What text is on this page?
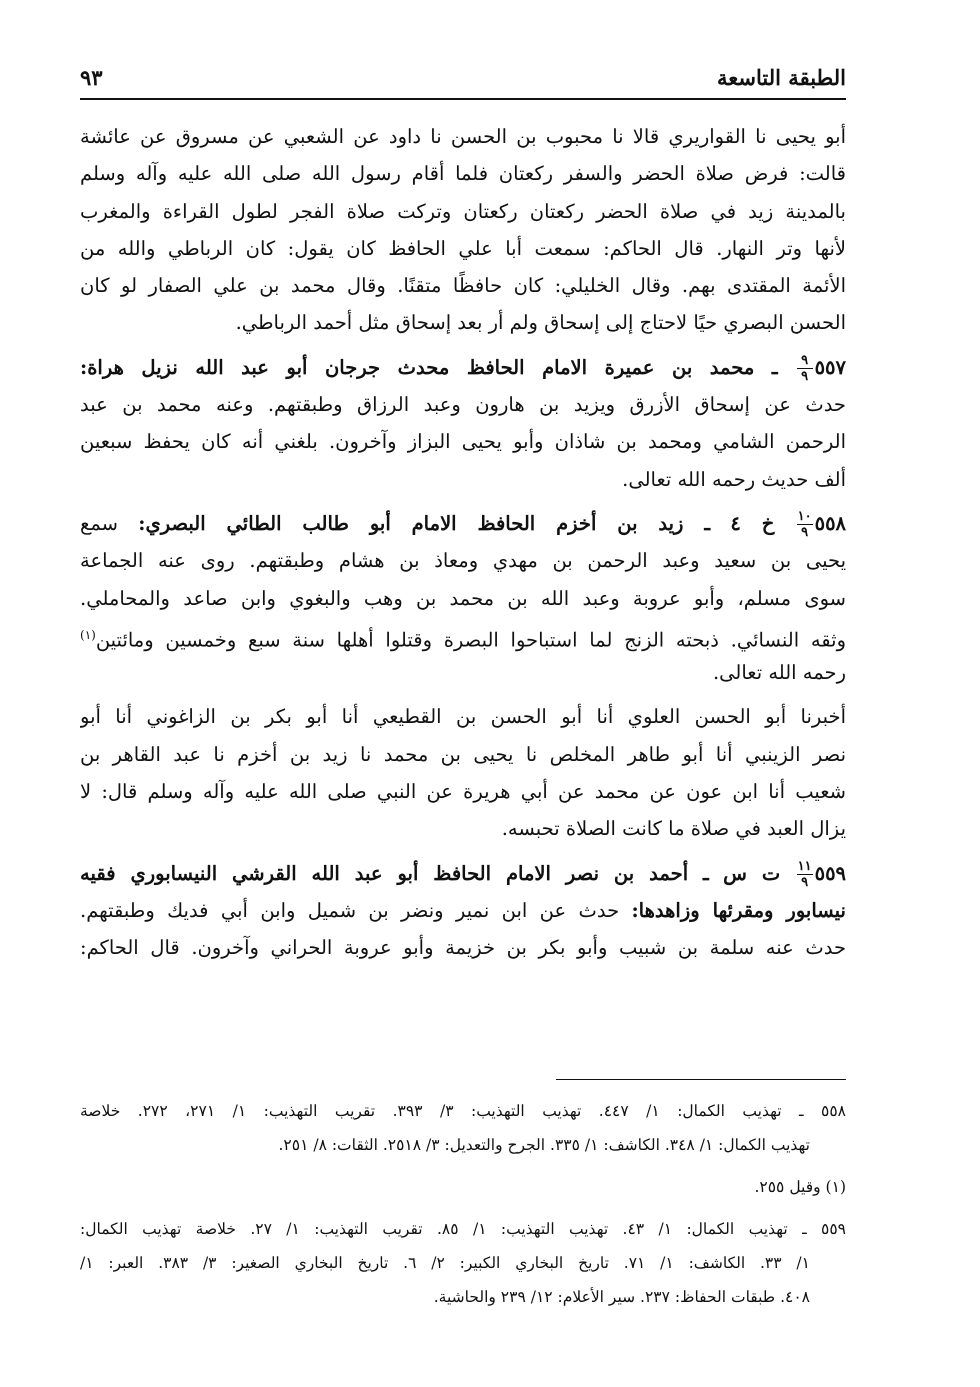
الطبقة التاسعة
٩٣
أبو يحيى نا القواريري قالا نا محبوب بن الحسن نا داود عن الشعبي عن مسروق عن عائشة
قالت: فرض صلاة الحضر والسفر ركعتان فلما أقام رسول الله صلى الله عليه وآله وسلم
بالمدينة زيد في صلاة الحضر ركعتان ركعتان وتركت صلاة الفجر لطول القراءة والمغرب
لأنها وتر النهار. قال الحاكم: سمعت أبا علي الحافظ كان يقول: كان الرباطي والله من
الأئمة المقتدى بهم. وقال الخليلي: كان حافظًا متقنًا. وقال محمد بن علي الصفار لو كان
الحسن البصري حيًا لاحتاج إلى إسحاق ولم أر بعد إسحاق مثل أحمد الرباطي.
٥٥٧
$\frac{٩}{٩}$
ـ محمد بن عميرة الامام الحافظ محدث جرجان أبو عبد الله نزيل هراة:
حدث عن إسحاق الأزرق ويزيد بن هارون وعبد الرزاق وطبقتهم. وعنه محمد بن عبد
الرحمن الشامي ومحمد بن شاذان وأبو يحيى البزاز وآخرون. بلغني أنه كان يحفظ سبعين
ألف حديث رحمه الله تعالى.
٥٥٨
$\frac{١٠}{٩}$
خ ٤ ـ زيد بن أخزم الحافظ الامام أبو طالب الطائي البصري: سمع
يحيى بن سعيد وعبد الرحمن بن مهدي ومعاذ بن هشام وطبقتهم. روى عنه الجماعة
سوى مسلم، وأبو عروبة وعبد الله بن محمد بن وهب والبغوي وابن صاعد والمحاملي.
وثقه النسائي. ذبحته الزنج لما استباحوا البصرة وقتلوا أهلها سنة سبع وخمسين ومائتين$^{(١)}$
رحمه الله تعالى.
أخبرنا أبو الحسن العلوي أنا أبو الحسن بن القطيعي أنا أبو بكر بن الزاغوني أنا أبو
نصر الزينبي أنا أبو طاهر المخلص نا يحيى بن محمد نا زيد بن أخزم نا عبد القاهر بن
شعيب أنا ابن عون عن محمد عن أبي هريرة عن النبي صلى الله عليه وآله وسلم قال: لا
يزال العبد في صلاة ما كانت الصلاة تحبسه.
٥٥٩
$\frac{١١}{٩}$
ت س ـ أحمد بن نصر الامام الحافظ أبو عبد الله القرشي النيسابوري فقيه
نيسابور ومقرئها وزاهدها: حدث عن ابن نمير ونضر بن شميل وابن أبي فديك وطبقتهم.
حدث عنه سلمة بن شبيب وأبو بكر بن خزيمة وأبو عروبة الحراني وآخرون. قال الحاكم:
٥٥٨ ـ تهذيب الكمال: ١/ ٤٤٧. تهذيب التهذيب: ٣/ ٣٩٣. تقريب التهذيب: ١/ ٢٧١، ٢٧٢. خلاصة
تهذيب الكمال: ١/ ٣٤٨. الكاشف: ١/ ٣٣٥. الجرح والتعديل: ٣/ ٢٥١٨. الثقات: ٨/ ٢٥١.
(١) وقيل ٢٥٥.
٥٥٩ ـ تهذيب الكمال: ١/ ٤٣. تهذيب التهذيب: ١/ ٨٥. تقريب التهذيب: ١/ ٢٧. خلاصة تهذيب الكمال:
١/ ٣٣. الكاشف: ١/ ٧١. تاريخ البخاري الكبير: ٢/ ٦. تاريخ البخاري الصغير: ٣/ ٣٨٣. العبر: ١/
٤٠٨. طبقات الحفاظ: ٢٣٧. سير الأعلام: ١٢/ ٢٣٩ والحاشية.
